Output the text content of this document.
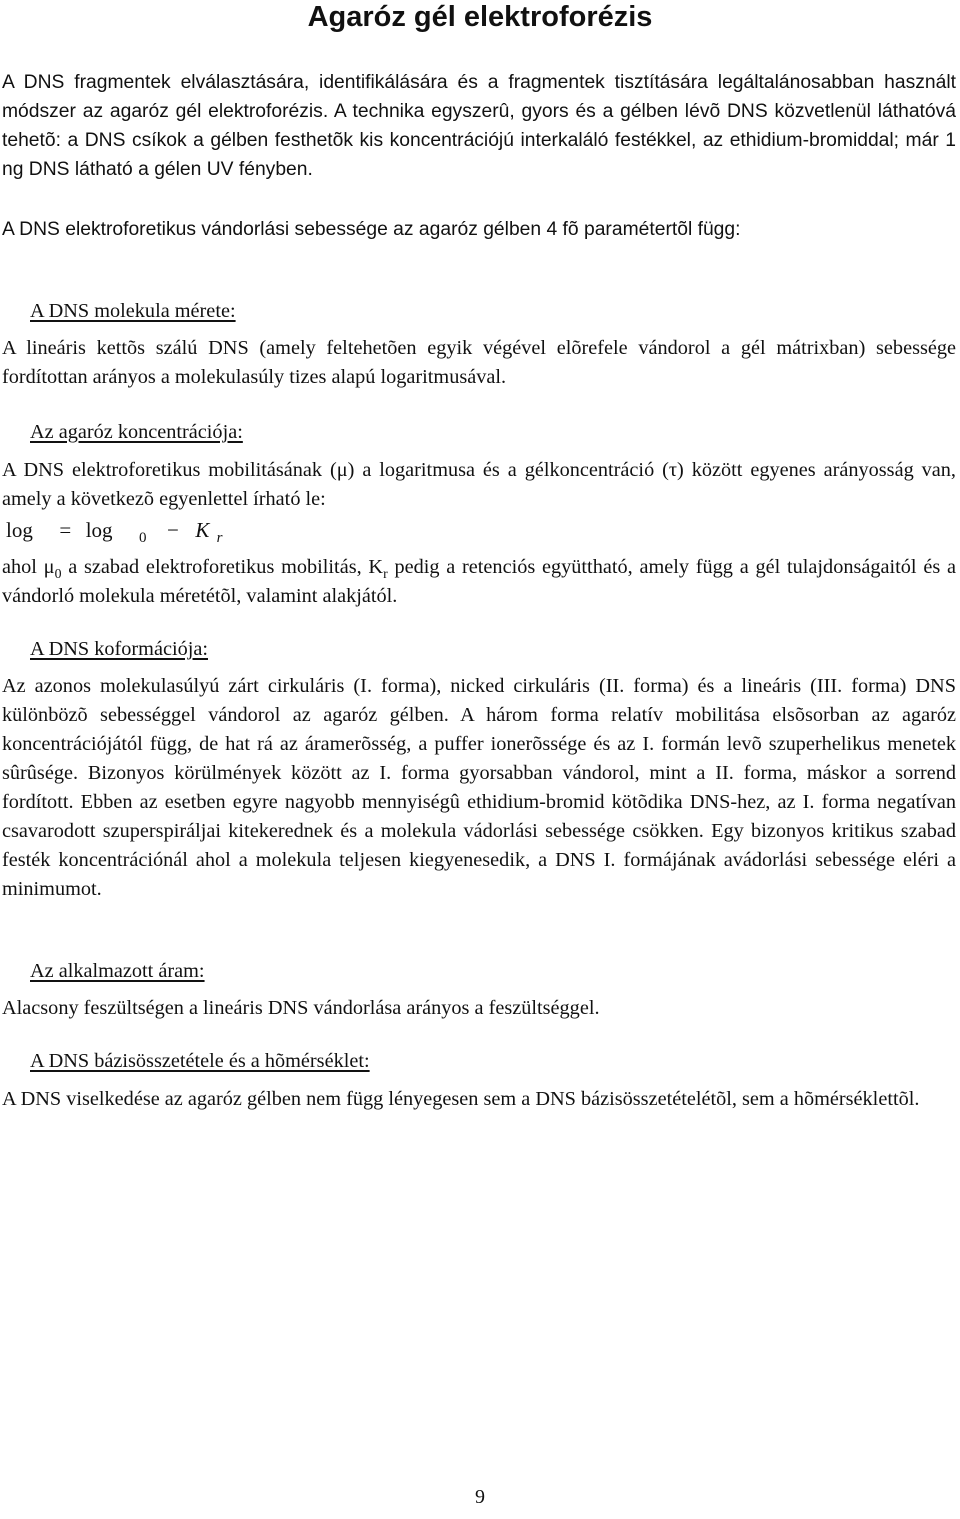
Agaróz gél elektroforézis

A DNS fragmentek elválasztására, identifikálására és a fragmentek tisztítására legáltalánosabban használt módszer az agaróz gél elektroforézis. A technika egyszerû, gyors és a gélben lévõ DNS közvetlenül láthatóvá tehetõ: a DNS csíkok a gélben festhetõk kis koncentrációjú interkaláló festékkel, az ethidium-bromiddal; már 1 ng DNS látható a gélen UV fényben.

A DNS elektroforetikus vándorlási sebessége az agaróz gélben 4 fõ paramétertõl függ:

A DNS molekula mérete:

A lineáris kettõs szálú DNS (amely feltehetõen egyik végével elõrefele vándorol a gél mátrixban) sebessége fordítottan arányos a molekulasúly tizes alapú logaritmusával.

Az agaróz koncentrációja:

A DNS elektroforetikus mobilitásának (μ) a logaritmusa és a gélkoncentráció (τ) között egyenes arányosság van, amely a következõ egyenlettel írható le:

log = log 0 − K r

ahol $\mu_0$ a szabad elektroforetikus mobilitás, $K_r$ pedig a retenciós együttható, amely függ a gél tulajdonságaitól és a vándorló molekula méretétõl, valamint alakjától.

A DNS koformációja:

Az azonos molekulasúlyú zárt cirkuláris (I. forma), nicked cirkuláris (II. forma) és a lineáris (III. forma) DNS különbözõ sebességgel vándorol az agaróz gélben. A három forma relatív mobilitása elsõsorban az agaróz koncentrációjától függ, de hat rá az áramerõsség, a puffer ionerõssége és az I. formán levõ szuperhelikus menetek sûrûsége. Bizonyos körülmények között az I. forma gyorsabban vándorol, mint a II. forma, máskor a sorrend fordított. Ebben az esetben egyre nagyobb mennyiségû ethidium-bromid kötõdika DNS-hez, az I. forma negatívan csavarodott szuperspiráljai kitekerednek és a molekula vádorlási sebessége csökken. Egy bizonyos kritikus szabad festék koncentrációnál ahol a molekula teljesen kiegyenesedik, a DNS I. formájának avádorlási sebessége eléri a minimumot.

Az alkalmazott áram:

Alacsony feszültségen a lineáris DNS vándorlása arányos a feszültséggel.

A DNS bázisösszetétele és a hõmérséklet:

A DNS viselkedése az agaróz gélben nem függ lényegesen sem a DNS bázisösszetételétõl, sem a hõmérséklettõl.

9
